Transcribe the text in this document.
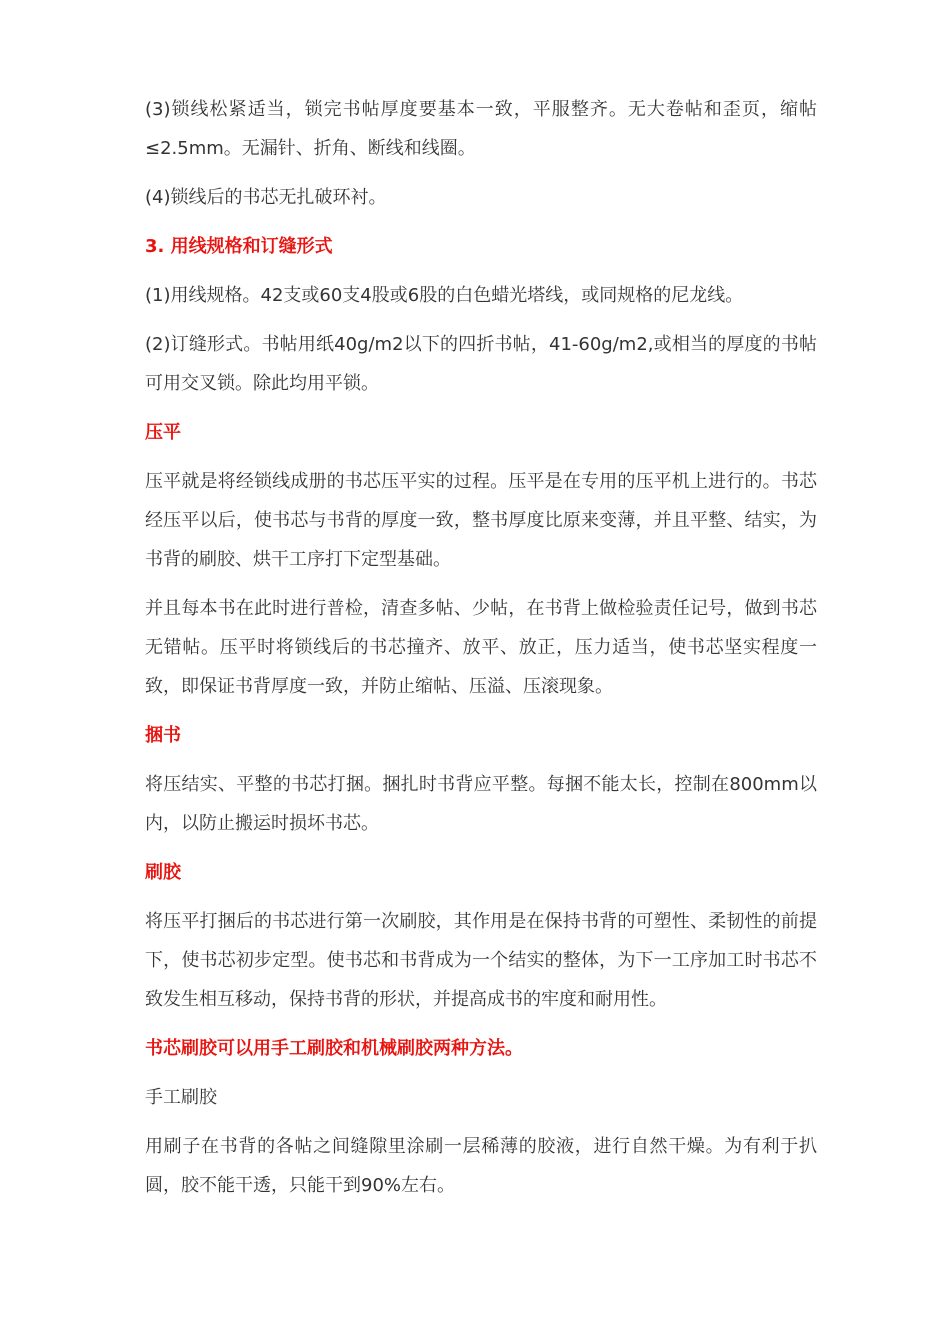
(3)锁线松紧适当，锁完书帖厚度要基本一致，平服整齐。无大卷帖和歪页，缩帖≤2.5mm。无漏针、折角、断线和线圈。

(4)锁线后的书芯无扎破环衬。

3. 用线规格和订缝形式

(1)用线规格。42支或60支4股或6股的白色蜡光塔线，或同规格的尼龙线。

(2)订缝形式。书帖用纸40g/m2以下的四折书帖，41-60g/m2,或相当的厚度的书帖可用交叉锁。除此均用平锁。

压平

压平就是将经锁线成册的书芯压平实的过程。压平是在专用的压平机上进行的。书芯经压平以后，使书芯与书背的厚度一致，整书厚度比原来变薄，并且平整、结实，为书背的刷胶、烘干工序打下定型基础。

并且每本书在此时进行普检，清查多帖、少帖，在书背上做检验责任记号，做到书芯无错帖。压平时将锁线后的书芯撞齐、放平、放正，压力适当，使书芯坚实程度一致，即保证书背厚度一致，并防止缩帖、压溢、压滚现象。

捆书

将压结实、平整的书芯打捆。捆扎时书背应平整。每捆不能太长，控制在800mm以内，以防止搬运时损坏书芯。

刷胶

将压平打捆后的书芯进行第一次刷胶，其作用是在保持书背的可塑性、柔韧性的前提下，使书芯初步定型。使书芯和书背成为一个结实的整体，为下一工序加工时书芯不致发生相互移动，保持书背的形状，并提高成书的牢度和耐用性。

书芯刷胶可以用手工刷胶和机械刷胶两种方法。

手工刷胶

用刷子在书背的各帖之间缝隙里涂刷一层稀薄的胶液，进行自然干燥。为有利于扒圆，胶不能干透，只能干到90%左右。
